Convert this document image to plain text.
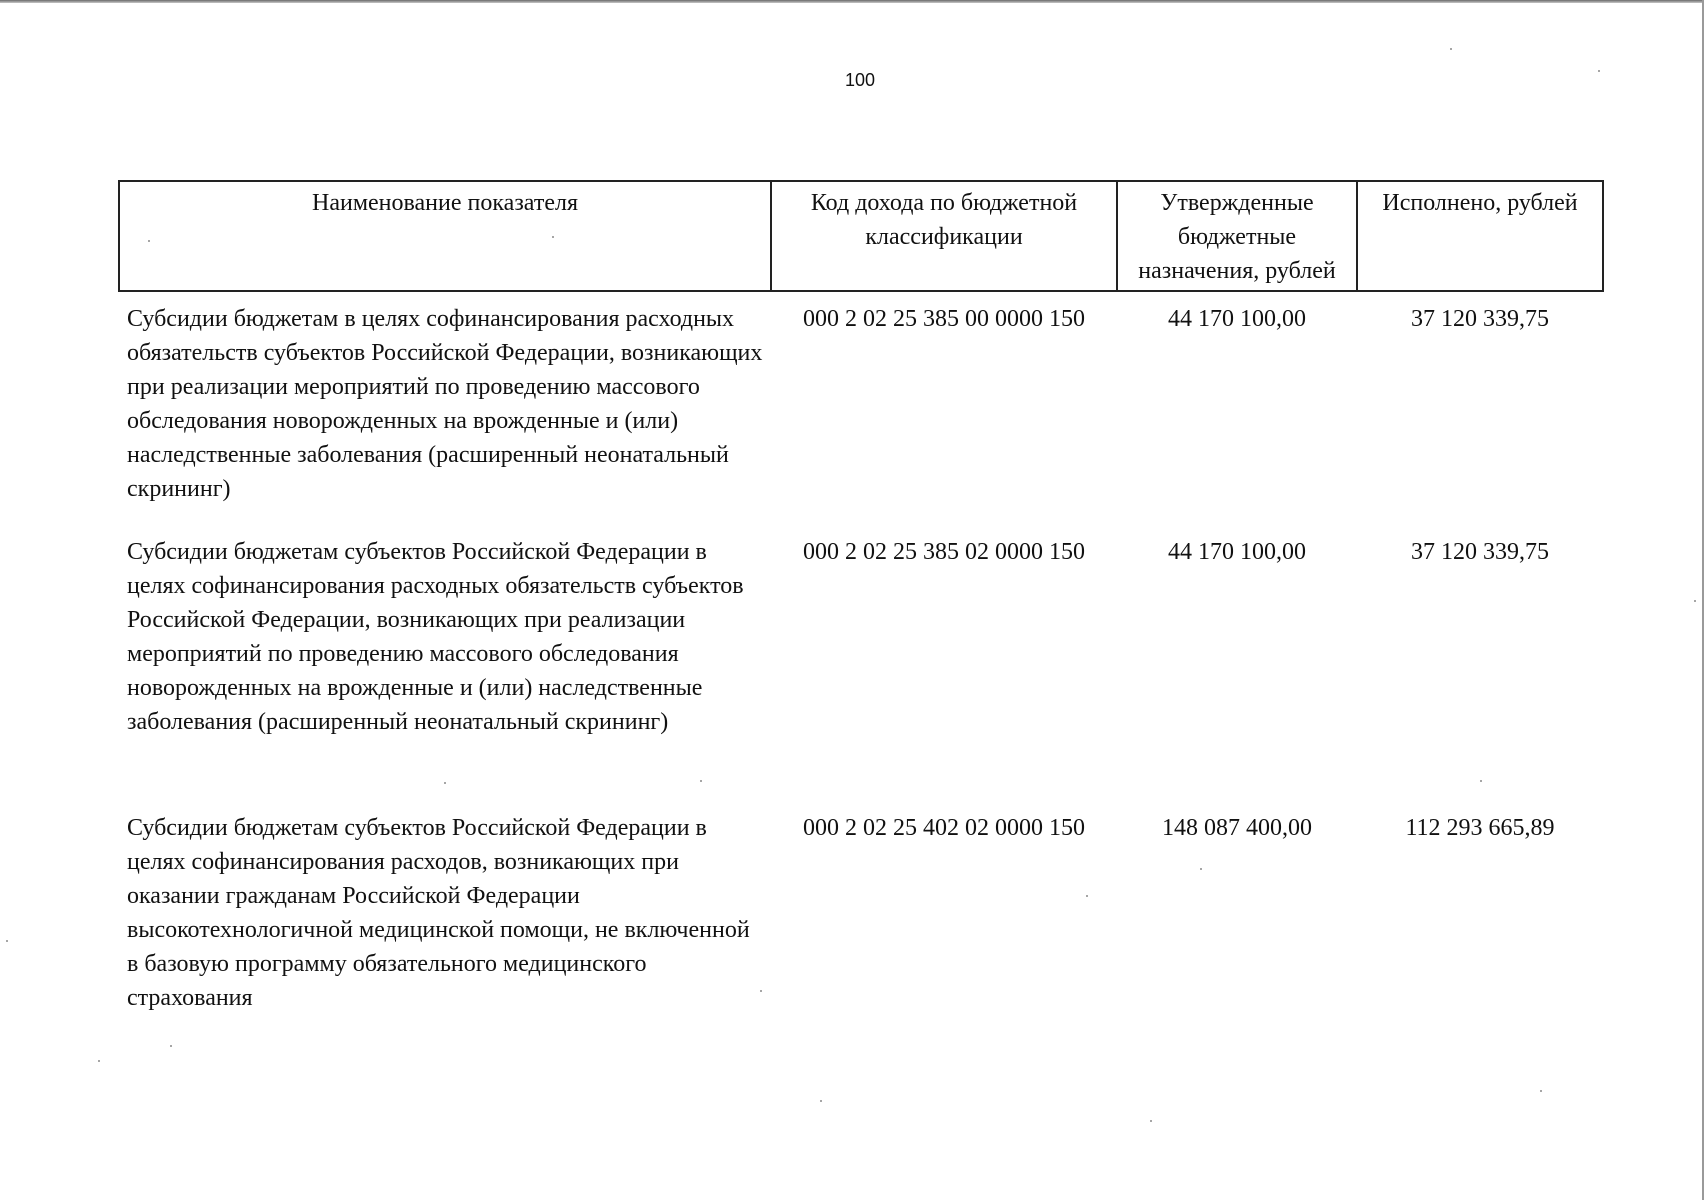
100
Наименование показателя	Код дохода по бюджетной классификации	Утвержденные бюджетные назначения, рублей	Исполнено, рублей
Субсидии бюджетам в целях софинансирования расходных обязательств субъектов Российской Федерации, возникающих при реализации мероприятий по проведению массового обследования новорожденных на врожденные и (или) наследственные заболевания (расширенный неонатальный скрининг)	000 2 02 25 385 00 0000 150	44 170 100,00	37 120 339,75
Субсидии бюджетам субъектов Российской Федерации в целях софинансирования расходных обязательств субъектов Российской Федерации, возникающих при реализации мероприятий по проведению массового обследования новорожденных на врожденные и (или) наследственные заболевания (расширенный неонатальный скрининг)	000 2 02 25 385 02 0000 150	44 170 100,00	37 120 339,75
Субсидии бюджетам субъектов Российской Федерации в целях софинансирования расходов, возникающих при оказании гражданам Российской Федерации высокотехнологичной медицинской помощи, не включенной в базовую программу обязательного медицинского страхования	000 2 02 25 402 02 0000 150	148 087 400,00	112 293 665,89
